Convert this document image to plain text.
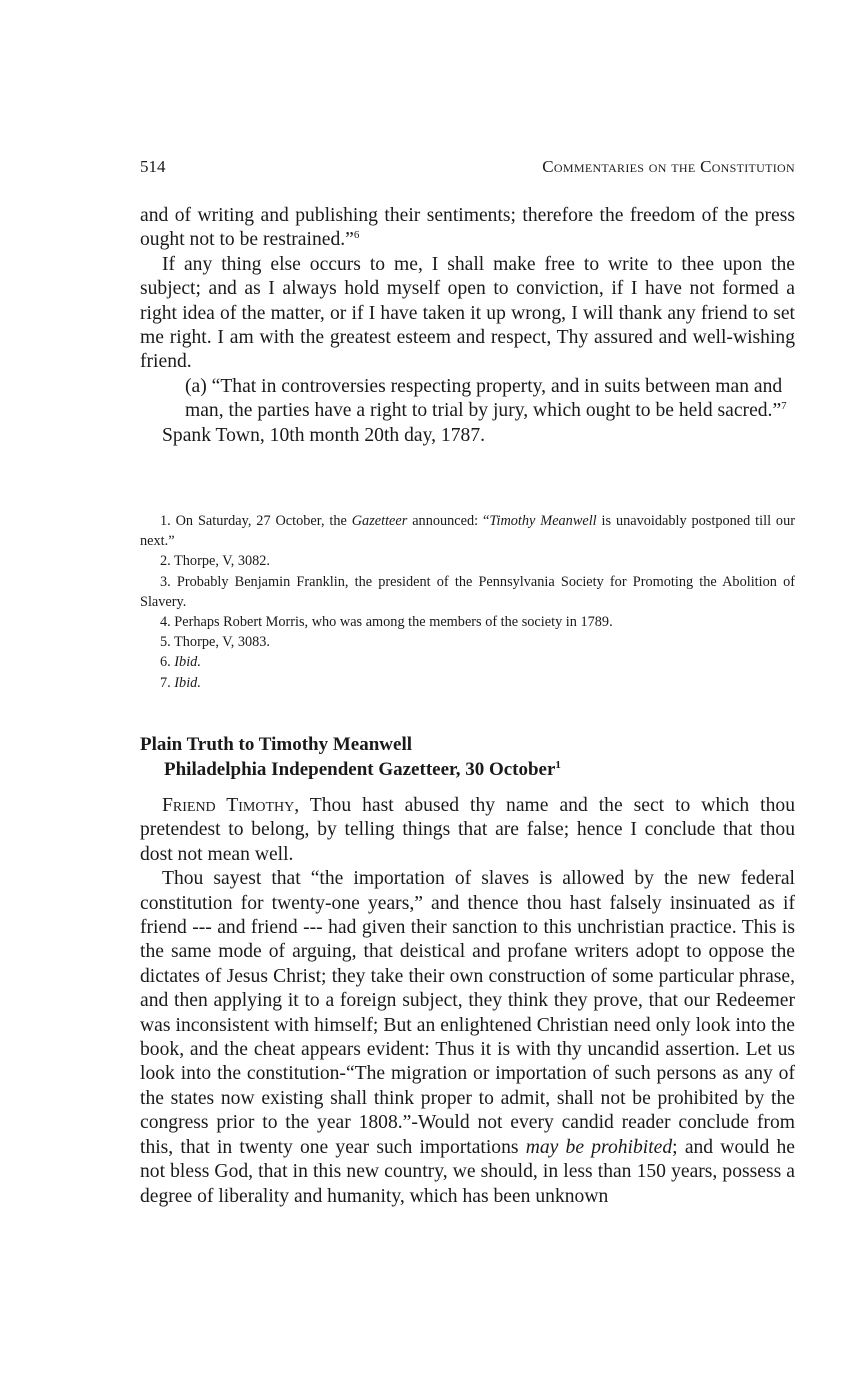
514	Commentaries on the Constitution

and of writing and publishing their sentiments; therefore the freedom of the press ought not to be restrained.”$^6$

If any thing else occurs to me, I shall make free to write to thee upon the subject; and as I always hold myself open to conviction, if I have not formed a right idea of the matter, or if I have taken it up wrong, I will thank any friend to set me right. I am with the greatest esteem and respect, Thy assured and well-wishing friend.

(a) “That in controversies respecting property, and in suits between man and man, the parties have a right to trial by jury, which ought to be held sacred.”$^7$

Spank Town, 10th month 20th day, 1787.

1. On Saturday, 27 October, the Gazetteer announced: “Timothy Meanwell is unavoidably postponed till our next.”

2. Thorpe, V, 3082.

3. Probably Benjamin Franklin, the president of the Pennsylvania Society for Promoting the Abolition of Slavery.

4. Perhaps Robert Morris, who was among the members of the society in 1789.

5. Thorpe, V, 3083.

6. Ibid.

7. Ibid.

Plain Truth to Timothy Meanwell
Philadelphia Independent Gazetteer, 30 October$^1$

Friend Timothy, Thou hast abused thy name and the sect to which thou pretendest to belong, by telling things that are false; hence I conclude that thou dost not mean well.

Thou sayest that “the importation of slaves is allowed by the new federal constitution for twenty-one years,” and thence thou hast falsely insinuated as if friend --- and friend --- had given their sanction to this unchristian practice. This is the same mode of arguing, that deistical and profane writers adopt to oppose the dictates of Jesus Christ; they take their own construction of some particular phrase, and then applying it to a foreign subject, they think they prove, that our Redeemer was inconsistent with himself; But an enlightened Christian need only look into the book, and the cheat appears evident: Thus it is with thy uncandid assertion. Let us look into the constitution-“The migration or importation of such persons as any of the states now existing shall think proper to admit, shall not be prohibited by the congress prior to the year 1808.”-Would not every candid reader conclude from this, that in twenty one year such importations may be prohibited; and would he not bless God, that in this new country, we should, in less than 150 years, possess a degree of liberality and humanity, which has been unknown
